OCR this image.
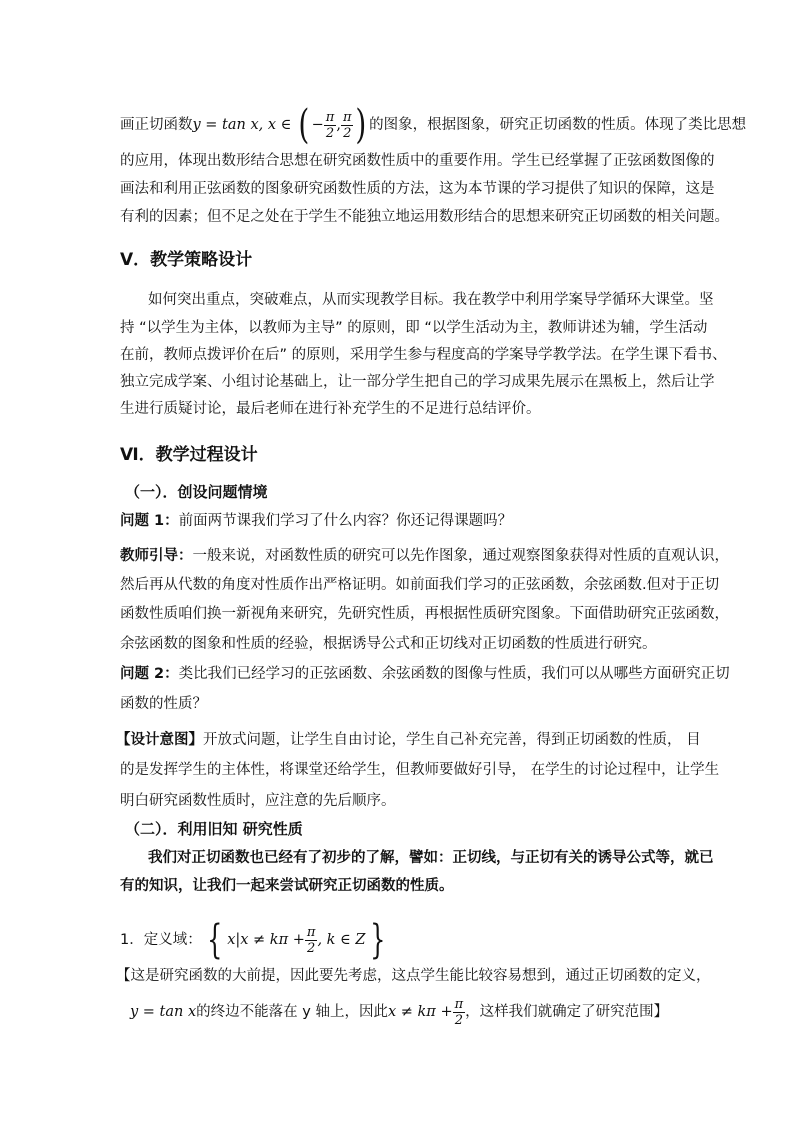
画正切函数y = tan x, x ∈ ( − $\frac{\pi}{2}$ , $\frac{\pi}{2}$ ) 的图象，根据图象，研究正切函数的性质。体现了类比思想
的应用，体现出数形结合思想在研究函数性质中的重要作用。学生已经掌握了正弦函数图像的
画法和利用正弦函数的图象研究函数性质的方法，这为本节课的学习提供了知识的保障，这是
有利的因素；但不足之处在于学生不能独立地运用数形结合的思想来研究正切函数的相关问题。
Ⅴ．教学策略设计
如何突出重点，突破难点，从而实现教学目标。我在教学中利用学案导学循环大课堂。坚
持 “以学生为主体，以教师为主导” 的原则，即 “以学生活动为主，教师讲述为辅，学生活动
在前，教师点拨评价在后” 的原则，采用学生参与程度高的学案导学教学法。在学生课下看书、
独立完成学案、小组讨论基础上，让一部分学生把自己的学习成果先展示在黑板上，然后让学
生进行质疑讨论，最后老师在进行补充学生的不足进行总结评价。
Ⅵ．教学过程设计
（一）．创设问题情境
问题 1：前面两节课我们学习了什么内容？你还记得课题吗？
教师引导：一般来说，对函数性质的研究可以先作图象，通过观察图象获得对性质的直观认识，
然后再从代数的角度对性质作出严格证明。如前面我们学习的正弦函数，余弦函数.但对于正切
函数性质咱们换一新视角来研究，先研究性质，再根据性质研究图象。下面借助研究正弦函数，
余弦函数的图象和性质的经验，根据诱导公式和正切线对正切函数的性质进行研究。
问题 2：类比我们已经学习的正弦函数、余弦函数的图像与性质，我们可以从哪些方面研究正切
函数的性质？
【设计意图】开放式问题，让学生自由讨论，学生自己补充完善，得到正切函数的性质， 目
的是发挥学生的主体性，将课堂还给学生，但教师要做好引导， 在学生的讨论过程中，让学生
明白研究函数性质时，应注意的先后顺序。
（二）．利用旧知 研究性质
我们对正切函数也已经有了初步的了解，譬如：正切线，与正切有关的诱导公式等，就已
有的知识，让我们一起来尝试研究正切函数的性质。
1．定义域： { $x|x \ne k\pi + \frac{\pi}{2}$ , k ∈ Z }
【这是研究函数的大前提，因此要先考虑，这点学生能比较容易想到，通过正切函数的定义，
y = tan x的终边不能落在 y 轴上，因此$x \ne k\pi + \frac{\pi}{2}$ ，这样我们就确定了研究范围】
